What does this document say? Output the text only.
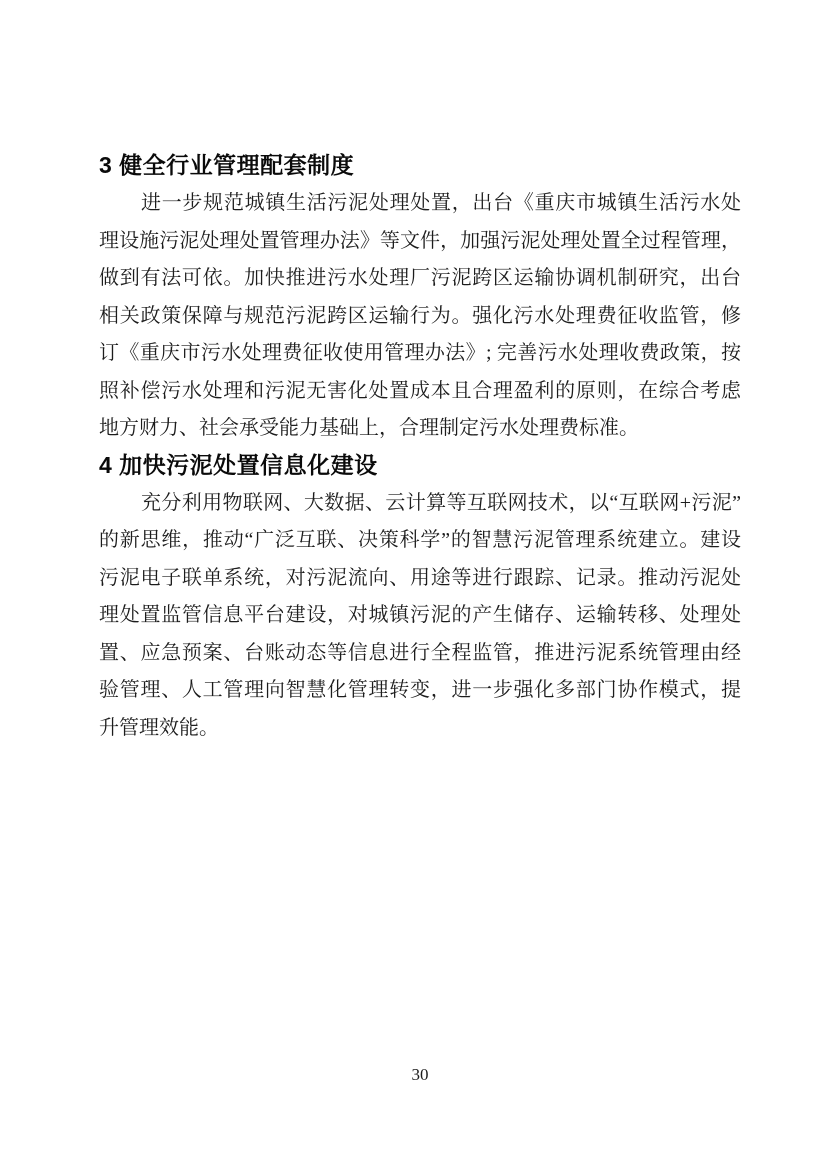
3 健全行业管理配套制度

进一步规范城镇生活污泥处理处置，出台《重庆市城镇生活污水处
理设施污泥处理处置管理办法》等文件，加强污泥处理处置全过程管理，
做到有法可依。加快推进污水处理厂污泥跨区运输协调机制研究，出台
相关政策保障与规范污泥跨区运输行为。强化污水处理费征收监管，修
订《重庆市污水处理费征收使用管理办法》; 完善污水处理收费政策，按
照补偿污水处理和污泥无害化处置成本且合理盈利的原则，在综合考虑
地方财力、社会承受能力基础上，合理制定污水处理费标准。

4 加快污泥处置信息化建设

充分利用物联网、大数据、云计算等互联网技术，以“互联网+污泥”
的新思维，推动“广泛互联、决策科学”的智慧污泥管理系统建立。建设
污泥电子联单系统，对污泥流向、用途等进行跟踪、记录。推动污泥处
理处置监管信息平台建设，对城镇污泥的产生储存、运输转移、处理处
置、应急预案、台账动态等信息进行全程监管，推进污泥系统管理由经
验管理、人工管理向智慧化管理转变，进一步强化多部门协作模式，提
升管理效能。

30
